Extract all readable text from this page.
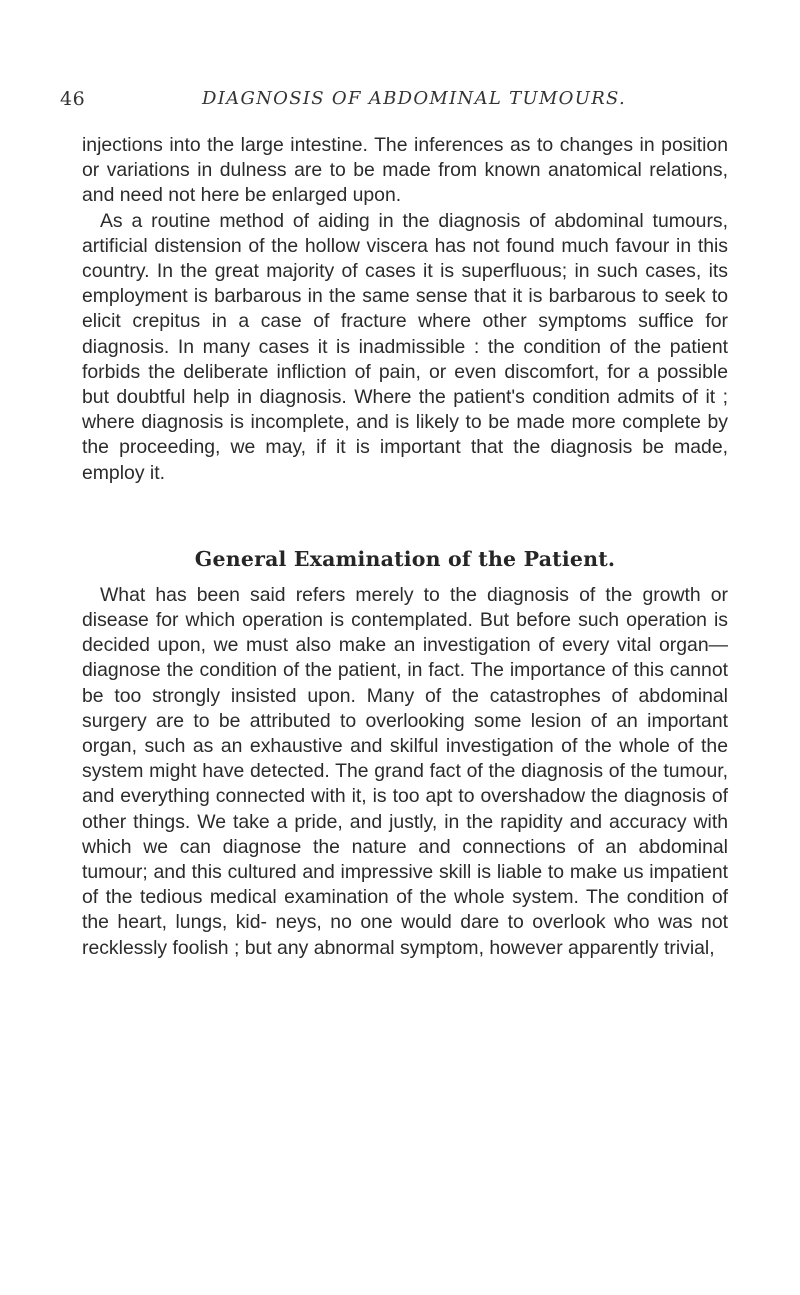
46	DIAGNOSIS OF ABDOMINAL TUMOURS.

injections into the large intestine. The inferences as to changes in position or variations in dulness are to be made from known anatomical relations, and need not here be enlarged upon.

As a routine method of aiding in the diagnosis of abdominal tumours, artificial distension of the hollow viscera has not found much favour in this country. In the great majority of cases it is superfluous; in such cases, its employment is barbarous in the same sense that it is barbarous to seek to elicit crepitus in a case of fracture where other symptoms suffice for diagnosis. In many cases it is inadmissible : the condition of the patient forbids the deliberate infliction of pain, or even discomfort, for a possible but doubtful help in diagnosis. Where the patient's condition admits of it ; where diagnosis is incomplete, and is likely to be made more complete by the proceeding, we may, if it is important that the diagnosis be made, employ it.

General Examination of the Patient.

What has been said refers merely to the diagnosis of the growth or disease for which operation is contemplated. But before such operation is decided upon, we must also make an investigation of every vital organ—diagnose the condition of the patient, in fact. The importance of this cannot be too strongly insisted upon. Many of the catastrophes of abdominal surgery are to be attributed to overlooking some lesion of an important organ, such as an exhaustive and skilful investigation of the whole of the system might have detected. The grand fact of the diagnosis of the tumour, and everything connected with it, is too apt to overshadow the diagnosis of other things. We take a pride, and justly, in the rapidity and accuracy with which we can diagnose the nature and connections of an abdominal tumour; and this cultured and impressive skill is liable to make us impatient of the tedious medical examination of the whole system. The condition of the heart, lungs, kid- neys, no one would dare to overlook who was not recklessly foolish ; but any abnormal symptom, however apparently trivial,
